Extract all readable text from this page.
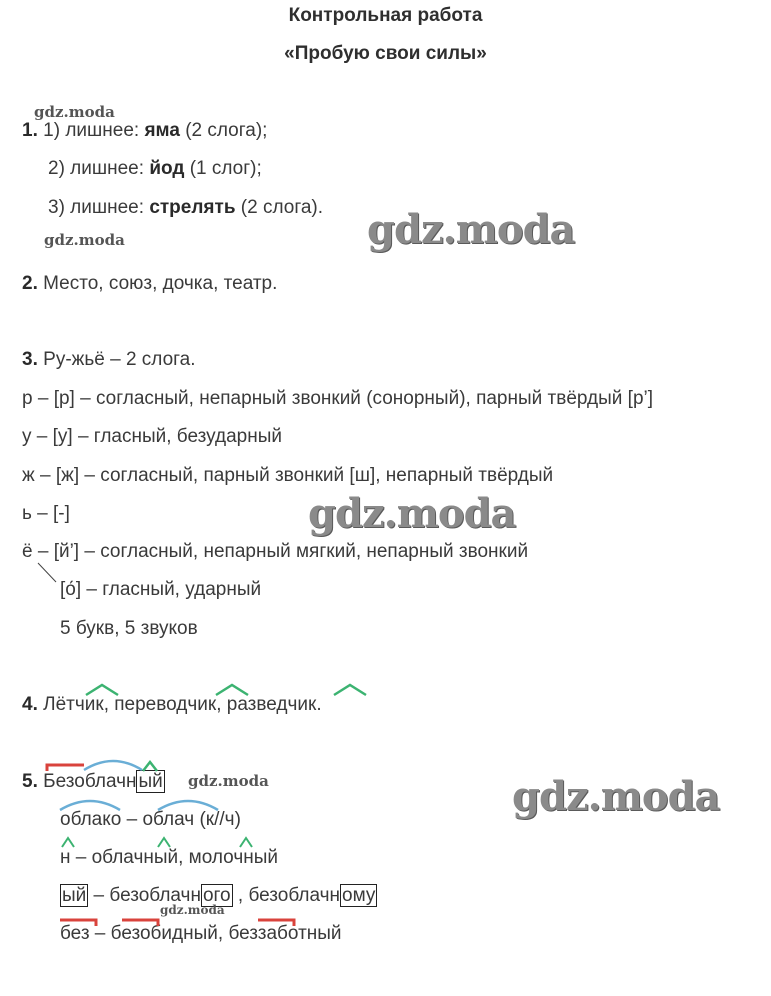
Контрольная работа
«Пробую свои силы»
1. 1) лишнее: яма (2 слога);
2) лишнее: йод (1 слог);
3) лишнее: стрелять (2 слога).
2. Место, союз, дочка, театр.
3. Ру-жьё – 2 слога.
р – [р] – согласный, непарный звонкий (сонорный), парный твёрдый [р’]
у – [у] – гласный, безударный
ж – [ж] – согласный, парный звонкий [ш], непарный твёрдый
ь – [-]
ё – [й’] – согласный, непарный мягкий, непарный звонкий
[о́] – гласный, ударный
5 букв, 5 звуков
4. Лётчик, переводчик, разведчик.
5. Безоблачн ый
облако – облач (к//ч)
н – облачный, молочный
ый – безоблачн ого , безоблачн ому
без – безобидный, беззаботный
gdz.moda
gdz.moda
gdz.moda
gdz.moda
gdz.moda
gdz.moda
gdz.moda
